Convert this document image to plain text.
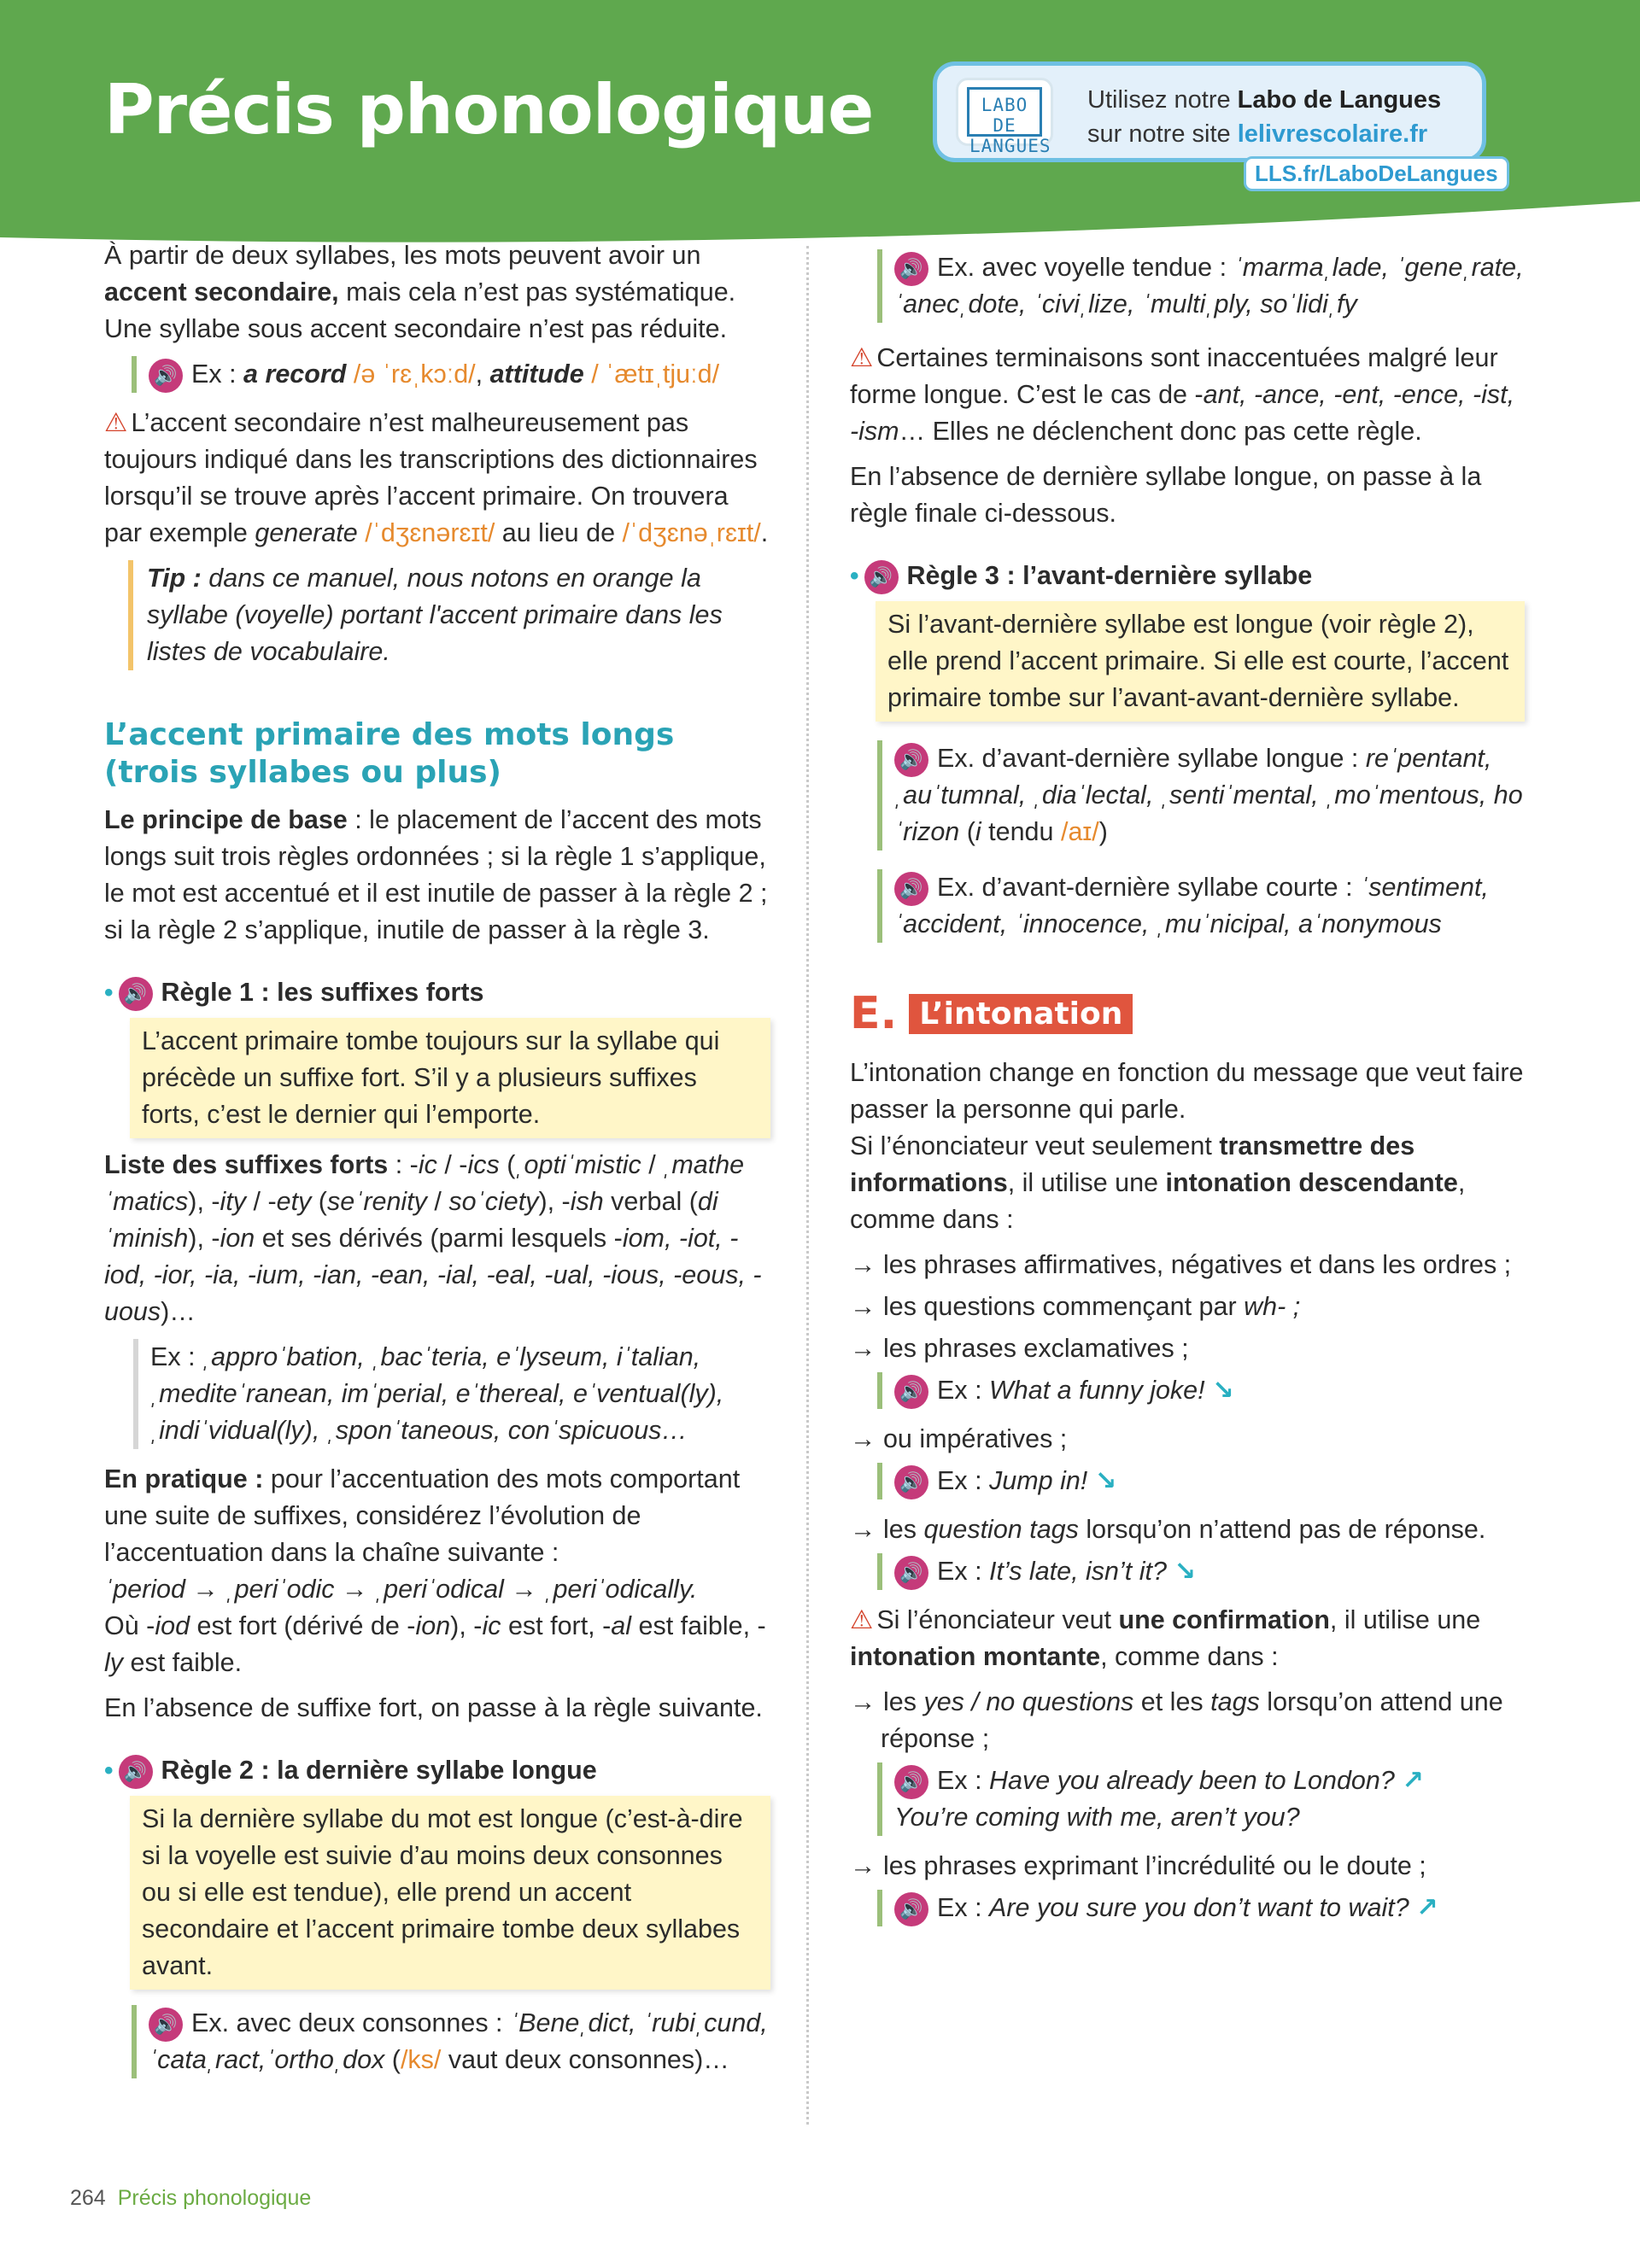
Précis phonologique	LABO DE
LANGUES
Utilisez notre Labo de Langues
sur notre site lelivrescolaire.fr
LLS.fr/LaboDeLangues

À partir de deux syllabes, les mots peuvent avoir un accent secondaire, mais cela n’est pas systématique. Une syllabe sous accent secondaire n’est pas réduite.

🔊 Ex : a record /ə ˈrɛˌkɔːd/, attitude / ˈætɪˌtjuːd/

⚠ L’accent secondaire n’est malheureusement pas toujours indiqué dans les transcriptions des dictionnaires lorsqu’il se trouve après l’accent primaire. On trouvera par exemple generate /ˈdʒɛnərɛɪt/ au lieu de /ˈdʒɛnəˌrɛɪt/.

Tip : dans ce manuel, nous notons en orange la syllabe (voyelle) portant l'accent primaire dans les listes de vocabulaire.
L’accent primaire des mots longs (trois syllabes ou plus)

Le principe de base : le placement de l’accent des mots longs suit trois règles ordonnées ; si la règle 1 s’applique, le mot est accentué et il est inutile de passer à la règle 2 ; si la règle 2 s’applique, inutile de passer à la règle 3.

• 🔊 Règle 1 : les suffixes forts
L’accent primaire tombe toujours sur la syllabe qui précède un suffixe fort. S’il y a plusieurs suffixes forts, c’est le dernier qui l’emporte.

Liste des suffixes forts : -ic / -ics (ˌoptiˈmistic / ˌmatheˈmatics), -ity / -ety (seˈrenity / soˈciety), -ish verbal (diˈminish), -ion et ses dérivés (parmi lesquels -iom, -iot, -iod, -ior, -ia, -ium, -ian, -ean, -ial, -eal, -ual, -ious, -eous, -uous)…

Ex : ˌapproˈbation, ˌbacˈteria, eˈlyseum, iˈtalian, ˌmediteˈranean, imˈperial, eˈthereal, eˈventual(ly), ˌindiˈvidual(ly), ˌsponˈtaneous, conˈspicuous…

En pratique : pour l’accentuation des mots comportant une suite de suffixes, considérez l’évolution de l’accentuation dans la chaîne suivante :
ˈperiod → ˌperiˈodic → ˌperiˈodical → ˌperiˈodically.
Où -iod est fort (dérivé de -ion), -ic est fort, -al est faible, -ly est faible.

En l’absence de suffixe fort, on passe à la règle suivante.

• 🔊 Règle 2 : la dernière syllabe longue
Si la dernière syllabe du mot est longue (c’est-à-dire si la voyelle est suivie d’au moins deux consonnes ou si elle est tendue), elle prend un accent secondaire et l’accent primaire tombe deux syllabes avant.
🔊 Ex. avec deux consonnes : ˈBeneˌdict, ˈrubiˌcund, ˈcataˌract,ˈorthoˌdox (/ks/ vaut deux consonnes)…
🔊 Ex. avec voyelle tendue : ˈmarmaˌlade, ˈgeneˌrate, ˈanecˌdote, ˈciviˌlize, ˈmultiˌply, soˈlidiˌfy

⚠ Certaines terminaisons sont inaccentuées malgré leur forme longue. C’est le cas de -ant, -ance, -ent, -ence, -ist, -ism… Elles ne déclenchent donc pas cette règle.

En l’absence de dernière syllabe longue, on passe à la règle finale ci-dessous.

• 🔊 Règle 3 : l’avant-dernière syllabe
Si l’avant-dernière syllabe est longue (voir règle 2), elle prend l’accent primaire. Si elle est courte, l’accent primaire tombe sur l’avant-avant-dernière syllabe.
🔊 Ex. d’avant-dernière syllabe longue : reˈpentant, ˌauˈtumnal, ˌdiaˈlectal, ˌsentiˈmental, ˌmoˈmentous, hoˈrizon (i tendu /aɪ/)
🔊 Ex. d’avant-dernière syllabe courte : ˈsentiment, ˈaccident, ˈinnocence, ˌmuˈnicipal, aˈnonymous
E. L’intonation

L’intonation change en fonction du message que veut faire passer la personne qui parle.
Si l’énonciateur veut seulement transmettre des informations, il utilise une intonation descendante, comme dans :

→ les phrases affirmatives, négatives et dans les ordres ;
→ les questions commençant par wh- ;
→ les phrases exclamatives ;
🔊 Ex : What a funny joke! ↘
→ ou impératives ;
🔊 Ex : Jump in! ↘
→ les question tags lorsqu’on n’attend pas de réponse.
🔊 Ex : It’s late, isn’t it? ↘

⚠ Si l’énonciateur veut une confirmation, il utilise une intonation montante, comme dans :

→ les yes / no questions et les tags lorsqu’on attend une réponse ;
🔊 Ex : Have you already been to London? ↗
You’re coming with me, aren’t you?
→ les phrases exprimant l’incrédulité ou le doute ;
🔊 Ex : Are you sure you don’t want to wait? ↗
264 Précis phonologique
